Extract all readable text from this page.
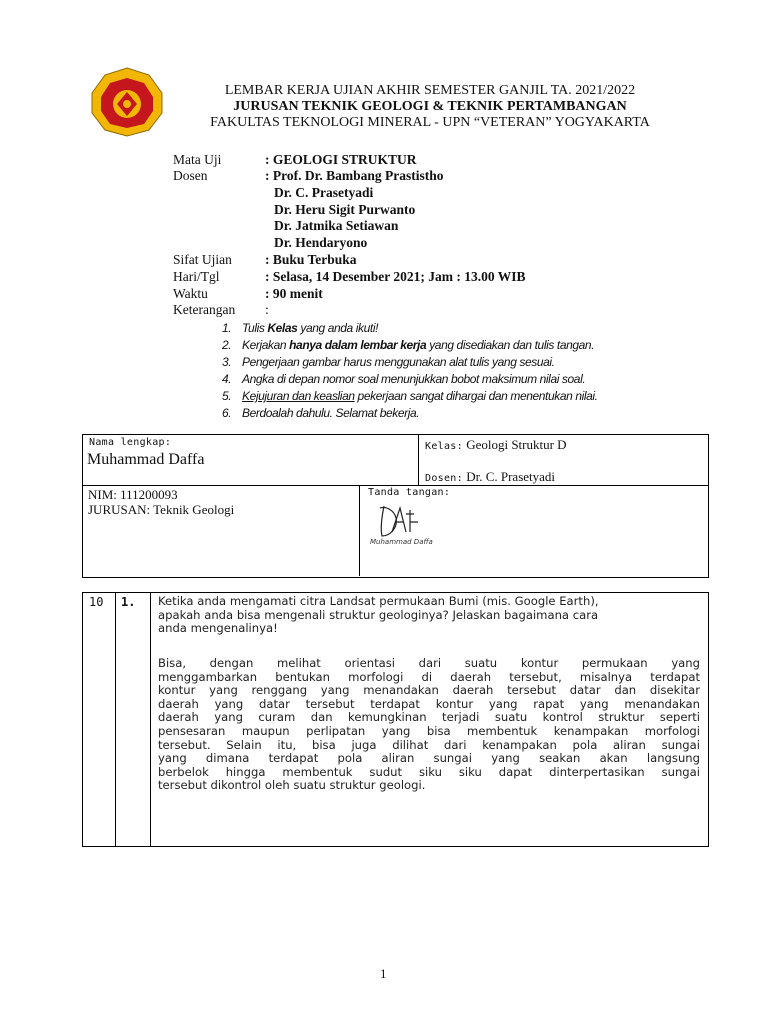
LEMBAR KERJA UJIAN AKHIR SEMESTER GANJIL TA. 2021/2022
JURUSAN TEKNIK GEOLOGI & TEKNIK PERTAMBANGAN
FAKULTAS TEKNOLOGI MINERAL - UPN “VETERAN” YOGYAKARTA
Mata Uji	: GEOLOGI STRUKTUR
Dosen	: Prof. Dr. Bambang Prastistho
Dr. C. Prasetyadi
Dr. Heru Sigit Purwanto
Dr. Jatmika Setiawan
Dr. Hendaryono
Sifat Ujian : Buku Terbuka
Hari/Tgl	: Selasa, 14 Desember 2021; Jam : 13.00 WIB
Waktu	: 90 menit
Keterangan :
1. Tulis Kelas yang anda ikuti!
2. Kerjakan hanya dalam lembar kerja yang disediakan dan tulis tangan.
3. Pengerjaan gambar harus menggunakan alat tulis yang sesuai.
4. Angka di depan nomor soal menunjukkan bobot maksimum nilai soal.
5. Kejujuran dan keaslian pekerjaan sangat dihargai dan menentukan nilai.
6. Berdoalah dahulu. Selamat bekerja.
Nama lengkap:
Muhammad Daffa
Kelas: Geologi Struktur D
Dosen: Dr. C. Prasetyadi
NIM: 111200093
JURUSAN: Teknik Geologi
Tanda tangan:
Muhammad Daffa
10 1. Ketika anda mengamati citra Landsat permukaan Bumi (mis. Google Earth),
apakah anda bisa mengenali struktur geologinya? Jelaskan bagaimana cara
anda mengenalinya!
Bisa, dengan melihat orientasi dari suatu kontur permukaan yang
menggambarkan bentukan morfologi di daerah tersebut, misalnya terdapat
kontur yang renggang yang menandakan daerah tersebut datar dan disekitar
daerah yang datar tersebut terdapat kontur yang rapat yang menandakan
daerah yang curam dan kemungkinan terjadi suatu kontrol struktur seperti
pensesaran maupun perlipatan yang bisa membentuk kenampakan morfologi
tersebut. Selain itu, bisa juga dilihat dari kenampakan pola aliran sungai
yang dimana terdapat pola aliran sungai yang seakan akan langsung
berbelok hingga membentuk sudut siku siku dapat dinterpertasikan sungai
tersebut dikontrol oleh suatu struktur geologi.
1
